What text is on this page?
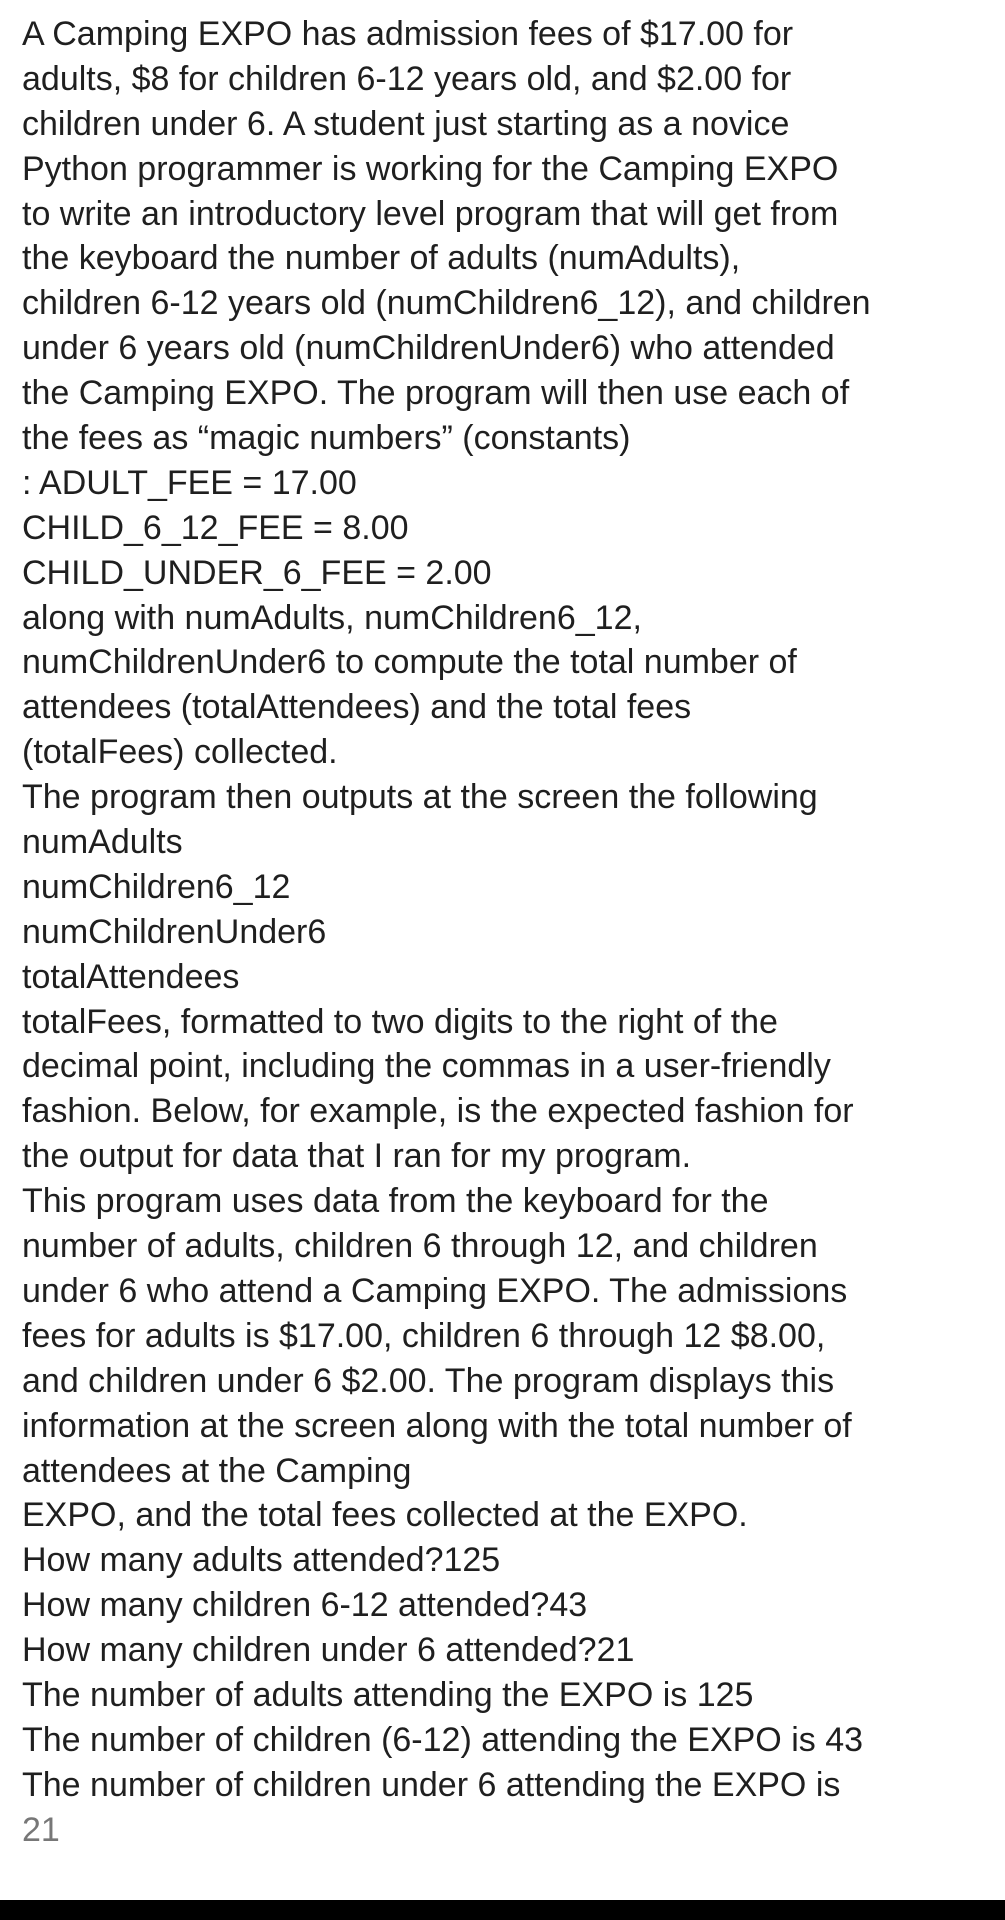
A Camping EXPO has admission fees of $17.00 for
adults, $8 for children 6-12 years old, and $2.00 for
children under 6. A student just starting as a novice
Python programmer is working for the Camping EXPO
to write an introductory level program that will get from
the keyboard the number of adults (numAdults),
children 6-12 years old (numChildren6_12), and children
under 6 years old (numChildrenUnder6) who attended
the Camping EXPO. The program will then use each of
the fees as “magic numbers” (constants)
: ADULT_FEE = 17.00
CHILD_6_12_FEE = 8.00
CHILD_UNDER_6_FEE = 2.00
along with numAdults, numChildren6_12,
numChildrenUnder6 to compute the total number of
attendees (totalAttendees) and the total fees
(totalFees) collected.
The program then outputs at the screen the following
numAdults
numChildren6_12
numChildrenUnder6
totalAttendees
totalFees, formatted to two digits to the right of the
decimal point, including the commas in a user-friendly
fashion. Below, for example, is the expected fashion for
the output for data that I ran for my program.
This program uses data from the keyboard for the
number of adults, children 6 through 12, and children
under 6 who attend a Camping EXPO. The admissions
fees for adults is $17.00, children 6 through 12 $8.00,
and children under 6 $2.00. The program displays this
information at the screen along with the total number of
attendees at the Camping
EXPO, and the total fees collected at the EXPO.
How many adults attended?125
How many children 6-12 attended?43
How many children under 6 attended?21
The number of adults attending the EXPO is 125
The number of children (6-12) attending the EXPO is 43
The number of children under 6 attending the EXPO is
21
